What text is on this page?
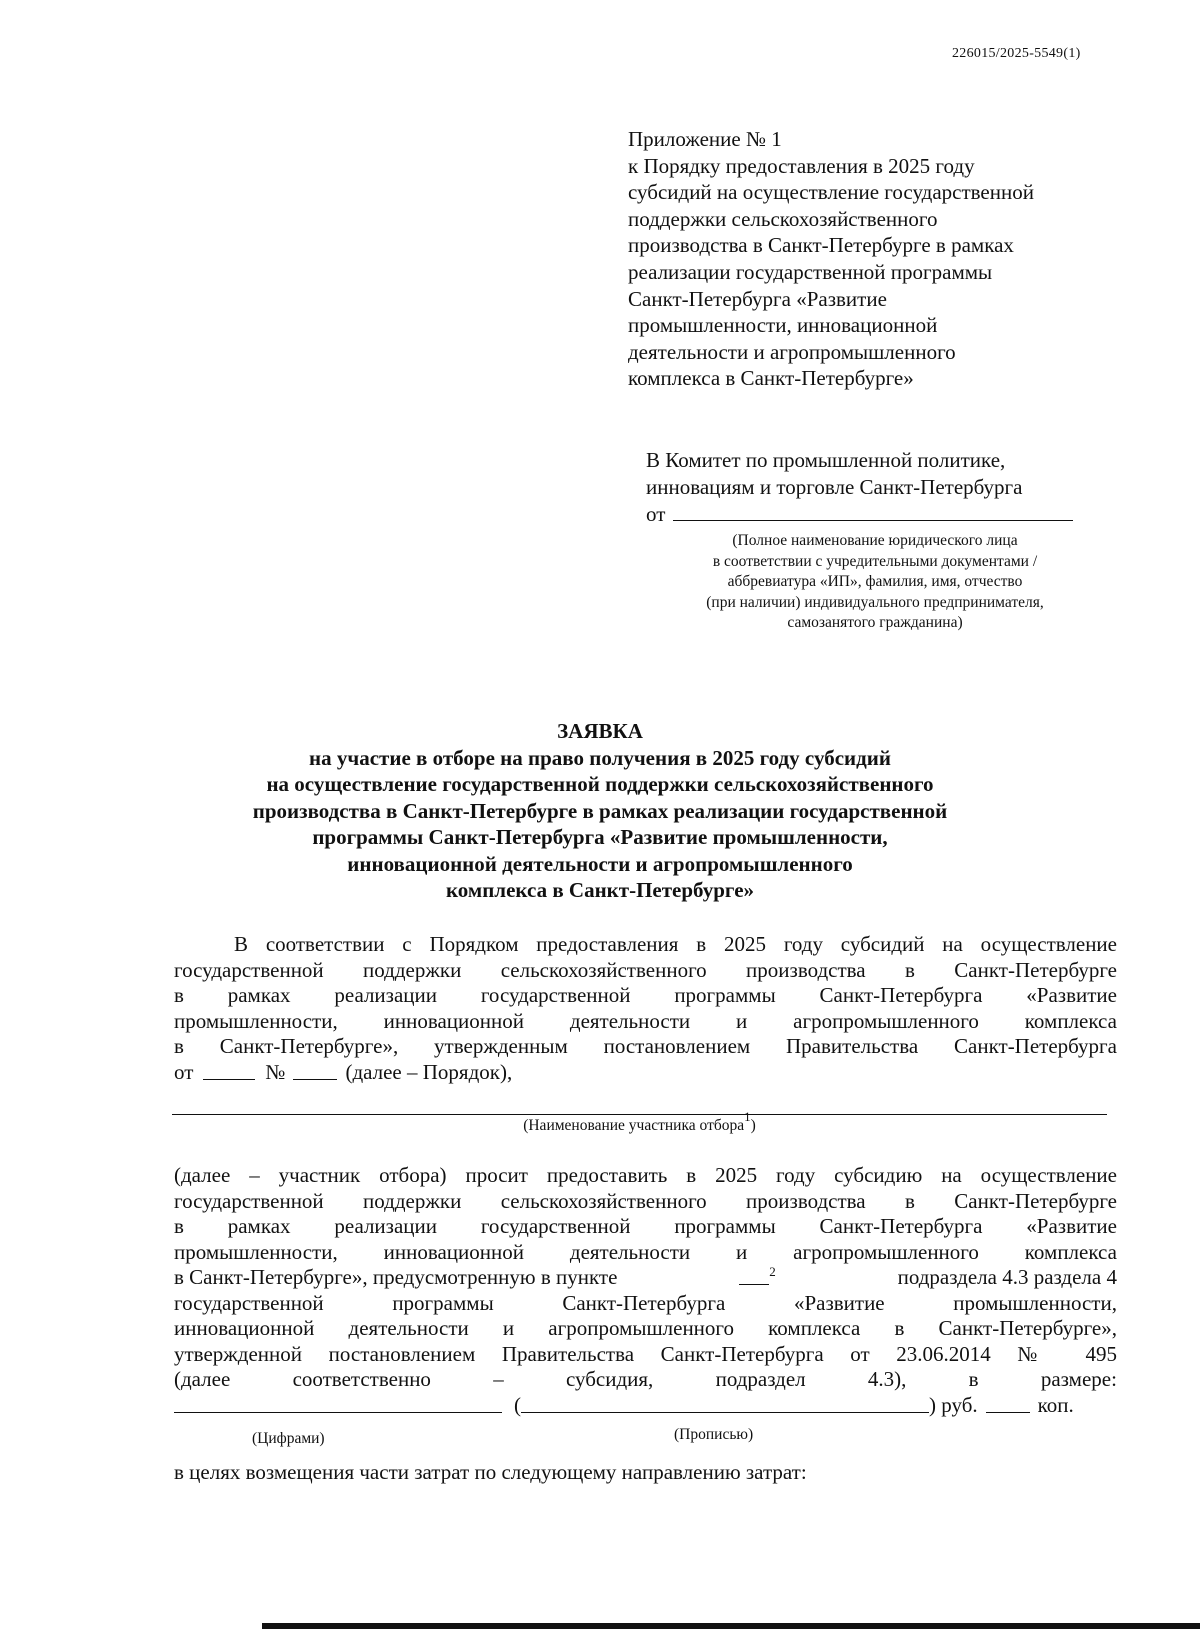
226015/2025-5549(1)
Приложение № 1
к Порядку предоставления в 2025 году
субсидий на осуществление государственной
поддержки сельскохозяйственного
производства в Санкт-Петербурге в рамках
реализации государственной программы
Санкт-Петербурга «Развитие
промышленности, инновационной
деятельности и агропромышленного
комплекса в Санкт-Петербурге»
В Комитет по промышленной политике,
инновациям и торговле Санкт-Петербурга
от
(Полное наименование юридического лица
в соответствии с учредительными документами /
аббревиатура «ИП», фамилия, имя, отчество
(при наличии) индивидуального предпринимателя,
самозанятого гражданина)
ЗАЯВКА
на участие в отборе на право получения в 2025 году субсидий
на осуществление государственной поддержки сельскохозяйственного
производства в Санкт-Петербурге в рамках реализации государственной
программы Санкт-Петербурга «Развитие промышленности,
инновационной деятельности и агропромышленного
комплекса в Санкт-Петербурге»
В соответствии с Порядком предоставления в 2025 году субсидий на осуществление
государственной поддержки сельскохозяйственного производства в Санкт-Петербурге
в рамках реализации государственной программы Санкт-Петербурга «Развитие
промышленности, инновационной деятельности и агропромышленного комплекса
в Санкт-Петербурге», утвержденным постановлением Правительства Санкт-Петербурга
от	№	(далее – Порядок),
(Наименование участника отбора$^1$)
(далее – участник отбора) просит предоставить в 2025 году субсидию на осуществление
государственной поддержки сельскохозяйственного производства в Санкт-Петербурге
в рамках реализации государственной программы Санкт-Петербурга «Развитие
промышленности, инновационной деятельности и агропромышленного комплекса
в Санкт-Петербурге», предусмотренную в пункте	$^2$	подраздела 4.3 раздела 4
государственной	программы	Санкт-Петербурга	«Развитие	промышленности,
инновационной деятельности и агропромышленного комплекса в Санкт-Петербурге»,
утвержденной постановлением Правительства Санкт-Петербурга от 23.06.2014 № 495
(далее	соответственно	–	субсидия,	подраздел	4.3),	в	размере:
(	) руб.	коп.
(Цифрами)	(Прописью)
в целях возмещения части затрат по следующему направлению затрат:
